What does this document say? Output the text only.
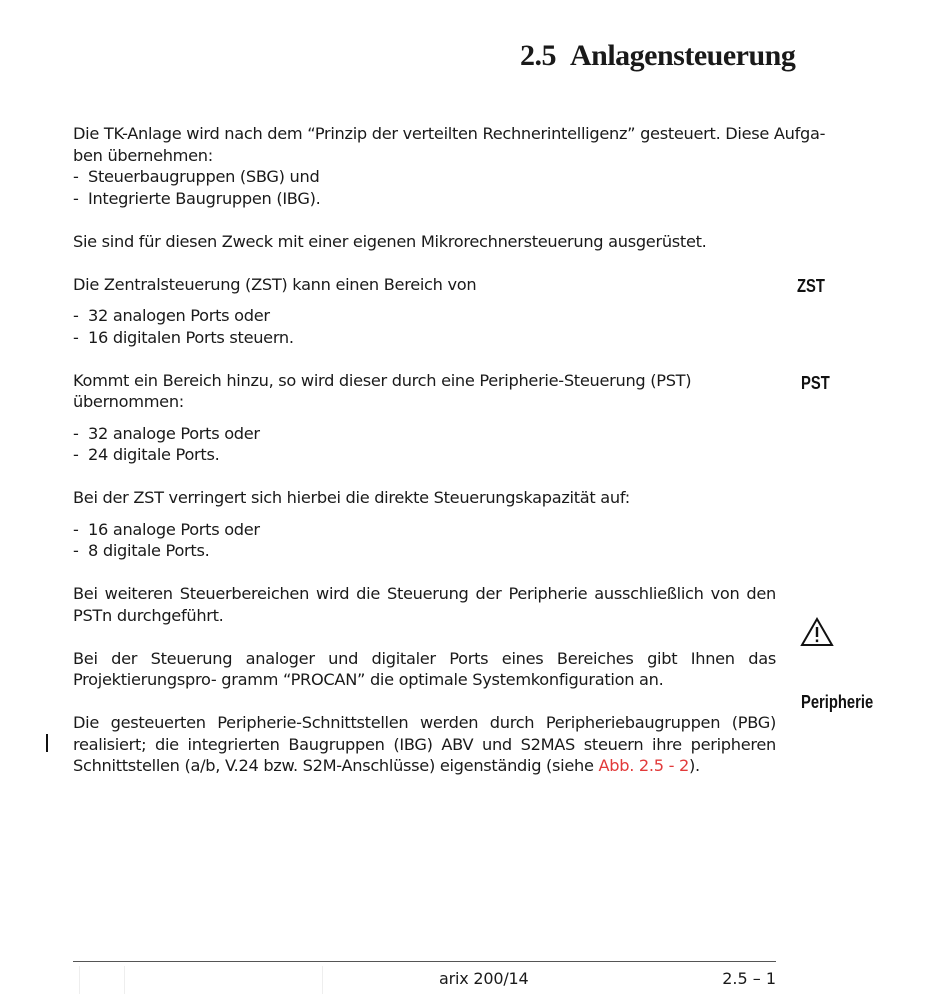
2.5 Anlagensteuerung

Die TK-Anlage wird nach dem “Prinzip der verteilten Rechnerintelligenz” gesteuert. Diese Aufga-
ben übernehmen:
- Steuerbaugruppen (SBG) und
- Integrierte Baugruppen (IBG).

Sie sind für diesen Zweck mit einer eigenen Mikrorechnersteuerung ausgerüstet.

Die Zentralsteuerung (ZST) kann einen Bereich von

- 32 analogen Ports oder
- 16 digitalen Ports steuern.

Kommt ein Bereich hinzu, so wird dieser durch eine Peripherie-Steuerung (PST) übernommen:

- 32 analoge Ports oder
- 24 digitale Ports.

Bei der ZST verringert sich hierbei die direkte Steuerungskapazität auf:

- 16 analoge Ports oder
- 8 digitale Ports.

Bei weiteren Steuerbereichen wird die Steuerung der Peripherie ausschließlich von den PSTn durchgeführt.

Bei der Steuerung analoger und digitaler Ports eines Bereiches gibt Ihnen das Projektierungspro- gramm “PROCAN” die optimale Systemkonfiguration an.

Die gesteuerten Peripherie-Schnittstellen werden durch Peripheriebaugruppen (PBG) realisiert; die integrierten Baugruppen (IBG) ABV und S2MAS steuern ihre peripheren Schnittstellen (a/b, V.24 bzw. S2M-Anschlüsse) eigenständig (siehe Abb. 2.5 - 2).

ZST
PST
Peripherie
arix 200/14	2.5 – 1
